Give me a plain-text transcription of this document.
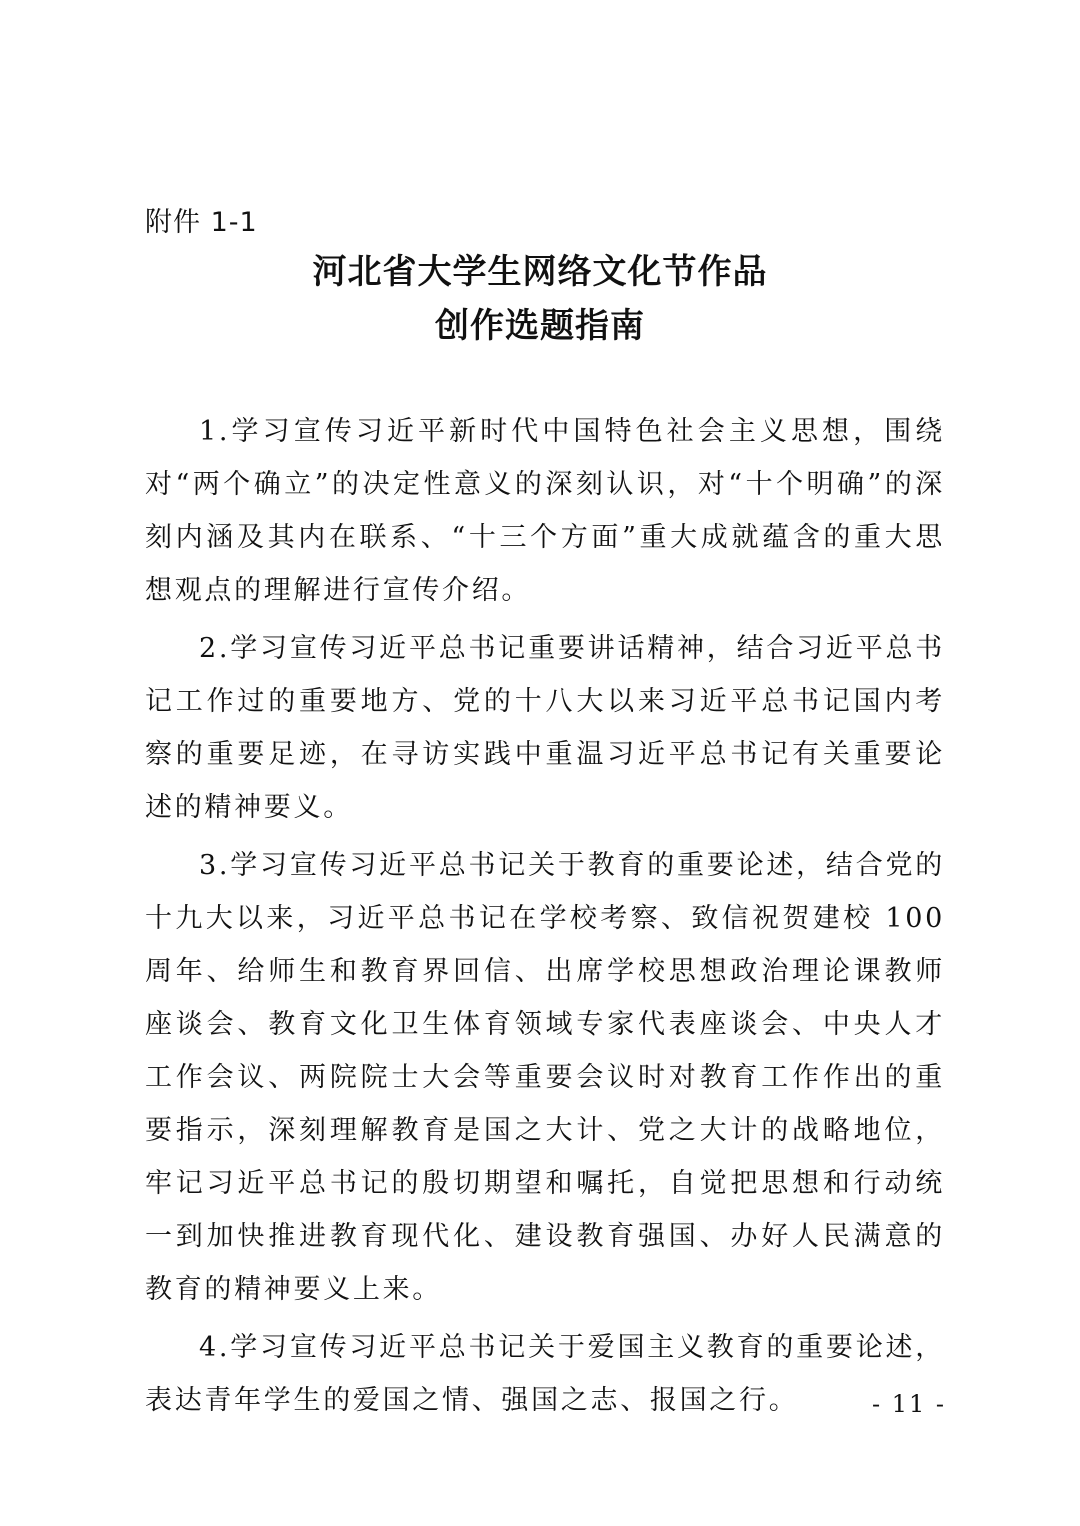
附件 1-1
河北省大学生网络文化节作品
创作选题指南

1.学习宣传习近平新时代中国特色社会主义思想，围绕对“两个确立”的决定性意义的深刻认识，对“十个明确”的深刻内涵及其内在联系、“十三个方面”重大成就蕴含的重大思想观点的理解进行宣传介绍。

2.学习宣传习近平总书记重要讲话精神，结合习近平总书记工作过的重要地方、党的十八大以来习近平总书记国内考察的重要足迹，在寻访实践中重温习近平总书记有关重要论述的精神要义。

3.学习宣传习近平总书记关于教育的重要论述，结合党的十九大以来，习近平总书记在学校考察、致信祝贺建校 100 周年、给师生和教育界回信、出席学校思想政治理论课教师座谈会、教育文化卫生体育领域专家代表座谈会、中央人才工作会议、两院院士大会等重要会议时对教育工作作出的重要指示，深刻理解教育是国之大计、党之大计的战略地位，牢记习近平总书记的殷切期望和嘱托，自觉把思想和行动统一到加快推进教育现代化、建设教育强国、办好人民满意的教育的精神要义上来。

4.学习宣传习近平总书记关于爱国主义教育的重要论述，表达青年学生的爱国之情、强国之志、报国之行。	- 11 -
